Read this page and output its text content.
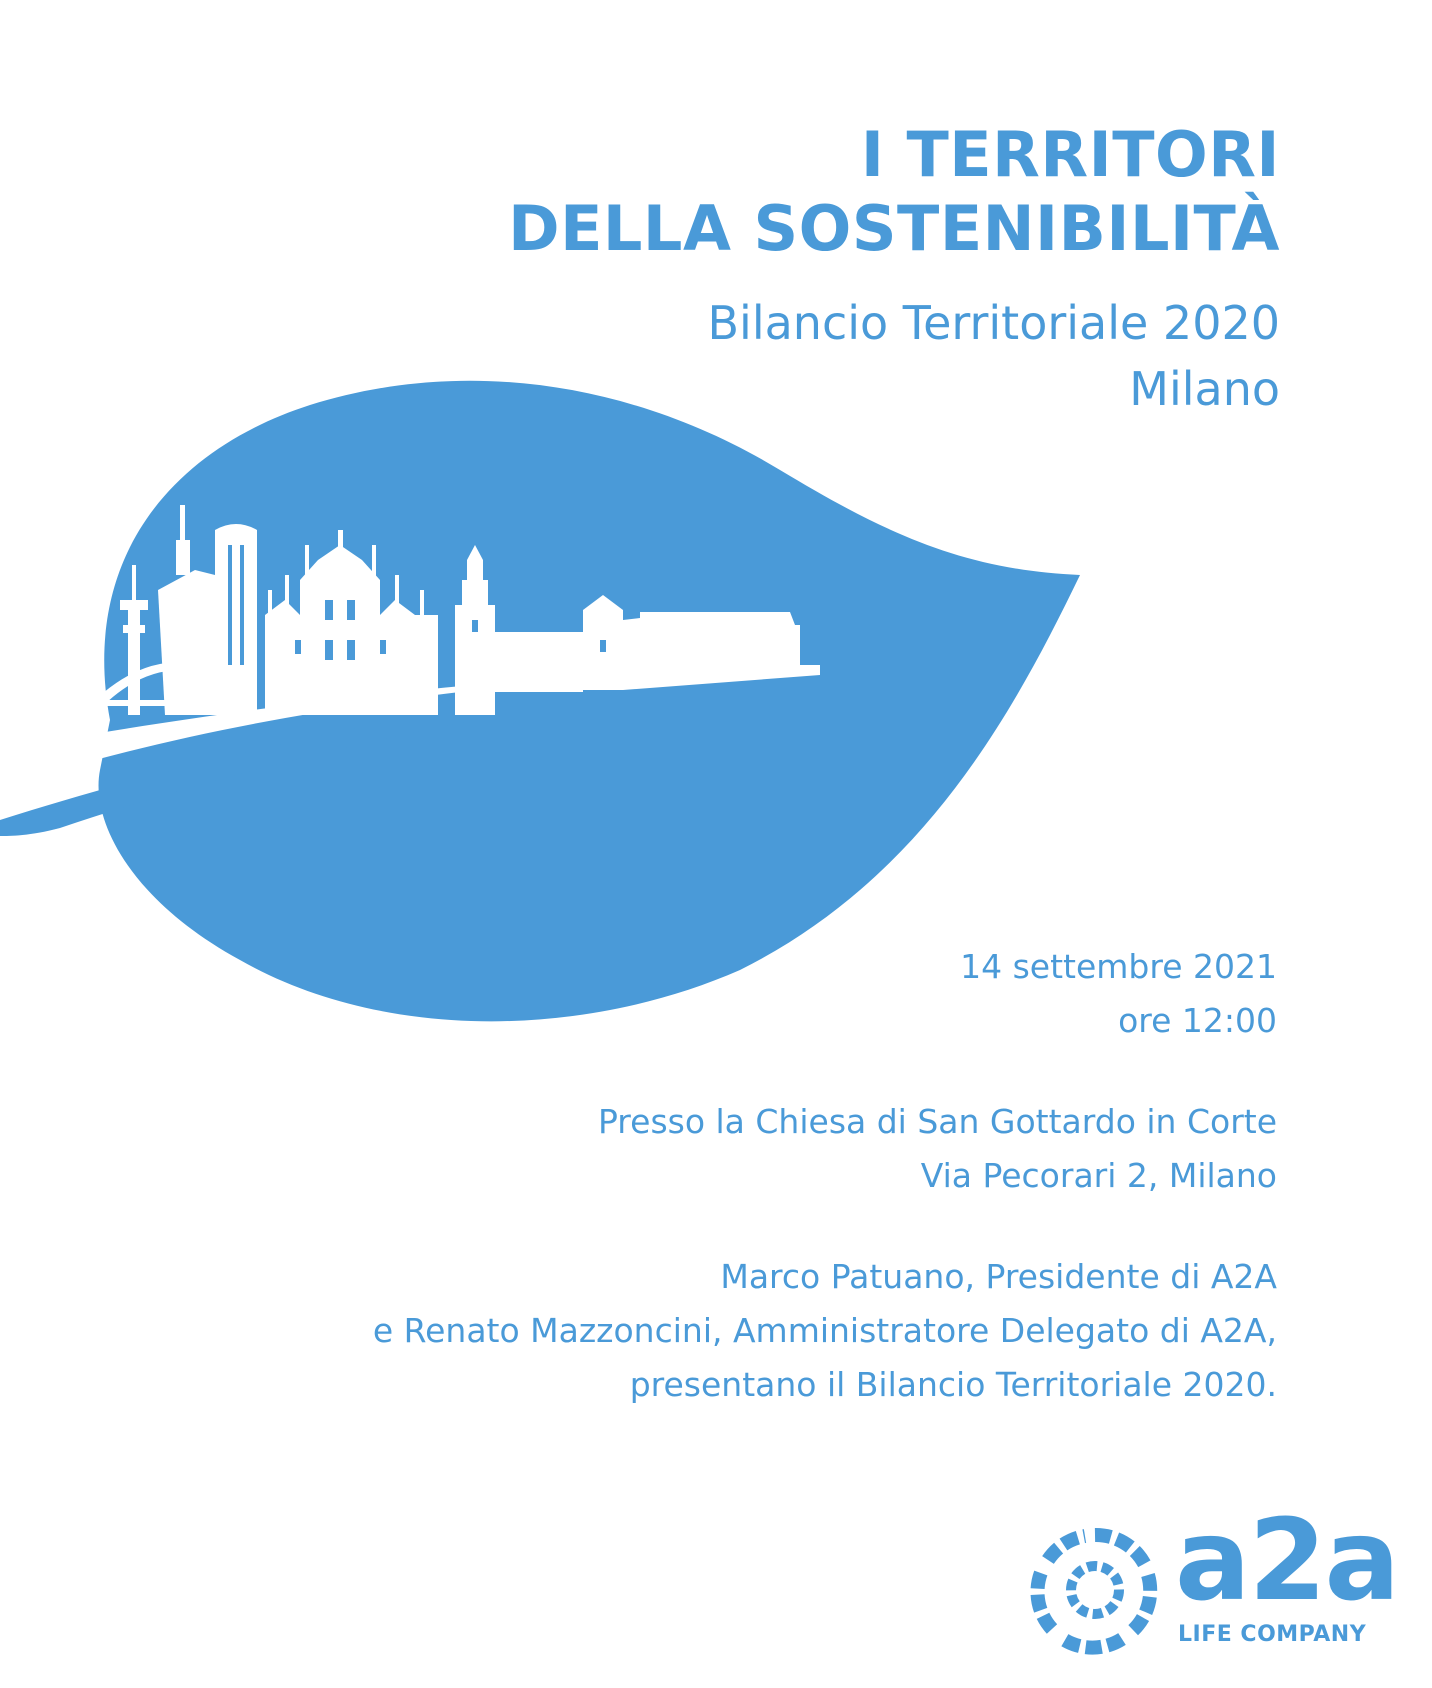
I TERRITORI
DELLA SOSTENIBILITÀ
Bilancio Territoriale 2020
Milano
14 settembre 2021
ore 12:00
Presso la Chiesa di San Gottardo in Corte
Via Pecorari 2, Milano
Marco Patuano, Presidente di A2A
e Renato Mazzoncini, Amministratore Delegato di A2A,
presentano il Bilancio Territoriale 2020.
a2a
LIFE COMPANY
